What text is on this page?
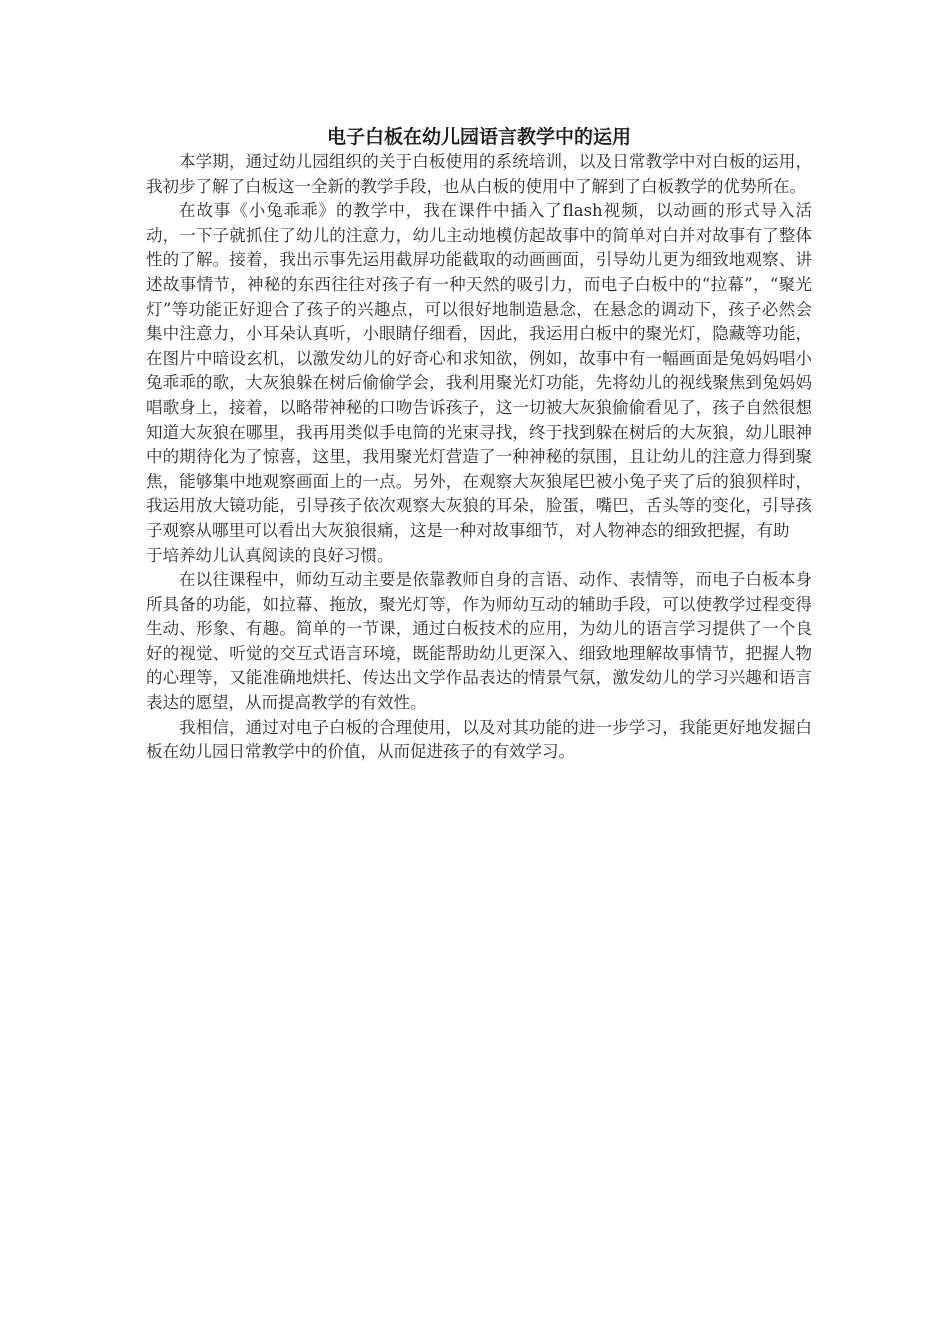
电子白板在幼儿园语言教学中的运用

本学期，通过幼儿园组织的关于白板使用的系统培训，以及日常教学中对白板的运用，我初步了解了白板这一全新的教学手段，也从白板的使用中了解到了白板教学的优势所在。

在故事《小兔乖乖》的教学中，我在课件中插入了flash视频，以动画的形式导入活动，一下子就抓住了幼儿的注意力，幼儿主动地模仿起故事中的简单对白并对故事有了整体性的了解。接着，我出示事先运用截屏功能截取的动画画面，引导幼儿更为细致地观察、讲述故事情节，神秘的东西往往对孩子有一种天然的吸引力，而电子白板中的“拉幕”，“聚光灯”等功能正好迎合了孩子的兴趣点，可以很好地制造悬念，在悬念的调动下，孩子必然会集中注意力，小耳朵认真听，小眼睛仔细看，因此，我运用白板中的聚光灯，隐藏等功能，在图片中暗设玄机，以激发幼儿的好奇心和求知欲，例如，故事中有一幅画面是兔妈妈唱小兔乖乖的歌，大灰狼躲在树后偷偷学会，我利用聚光灯功能，先将幼儿的视线聚焦到兔妈妈唱歌身上，接着，以略带神秘的口吻告诉孩子，这一切被大灰狼偷偷看见了，孩子自然很想知道大灰狼在哪里，我再用类似手电筒的光束寻找，终于找到躲在树后的大灰狼，幼儿眼神中的期待化为了惊喜，这里，我用聚光灯营造了一种神秘的氛围，且让幼儿的注意力得到聚焦，能够集中地观察画面上的一点。另外，在观察大灰狼尾巴被小兔子夹了后的狼狈样时，我运用放大镜功能，引导孩子依次观察大灰狼的耳朵，脸蛋，嘴巴，舌头等的变化，引导孩子观察从哪里可以看出大灰狼很痛，这是一种对故事细节，对人物神态的细致把握，有助

于培养幼儿认真阅读的良好习惯。

在以往课程中，师幼互动主要是依靠教师自身的言语、动作、表情等，而电子白板本身所具备的功能，如拉幕、拖放，聚光灯等，作为师幼互动的辅助手段，可以使教学过程变得生动、形象、有趣。简单的一节课，通过白板技术的应用，为幼儿的语言学习提供了一个良好的视觉、听觉的交互式语言环境，既能帮助幼儿更深入、细致地理解故事情节，把握人物的心理等，又能准确地烘托、传达出文学作品表达的情景气氛，激发幼儿的学习兴趣和语言表达的愿望，从而提高教学的有效性。

我相信，通过对电子白板的合理使用，以及对其功能的进一步学习，我能更好地发掘白板在幼儿园日常教学中的价值，从而促进孩子的有效学习。
